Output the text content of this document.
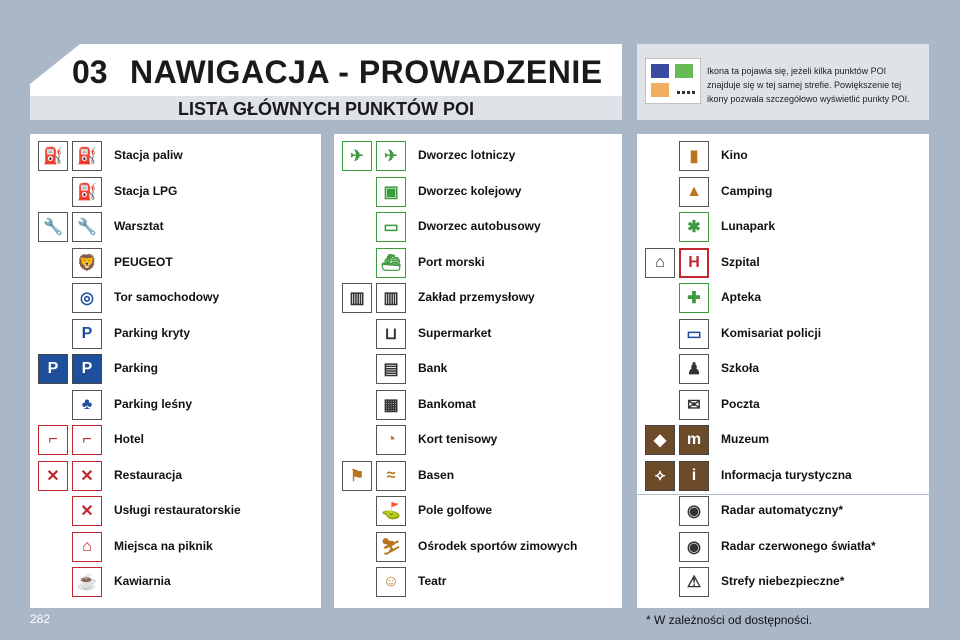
03 NAWIGACJA - PROWADZENIE
LISTA GŁÓWNYCH PUNKTÓW POI
Ikona ta pojawia się, jeżeli kilka punktów POI znajduje się w tej samej strefie. Powiększenie tej ikony pozwala szczegółowo wyświetlić punkty POI.
⛽ ⛽	Stacja paliw
⛽	Stacja LPG
🔧 🔧	Warsztat
🦁	PEUGEOT
◎	Tor samochodowy
P	Parking kryty
P	P	Parking
♣	Parking leśny
⌐	⌐	Hotel
✕	✕	Restauracja
✕	Usługi restauratorskie
⌂	Miejsca na piknik
☕	Kawiarnia
✈	✈	Dworzec lotniczy
▣	Dworzec kolejowy
▭	Dworzec autobusowy
⛴	Port morski
▥	▥	Zakład przemysłowy
⊔	Supermarket
▤	Bank
▦	Bankomat
◔	Kort tenisowy
⚑	≈	Basen
⛳	Pole golfowe
⛷	Ośrodek sportów zimowych
☺	Teatr
▮	Kino
▲	Camping
✱	Lunapark
⌂	H	Szpital
✚	Apteka
▭	Komisariat policji
♟	Szkoła
✉	Poczta
◆	m	Muzeum
⟡	i	Informacja turystyczna
◉	Radar automatyczny*
◉	Radar czerwonego światła*
⚠	Strefy niebezpieczne*
282	* W zależności od dostępności.
